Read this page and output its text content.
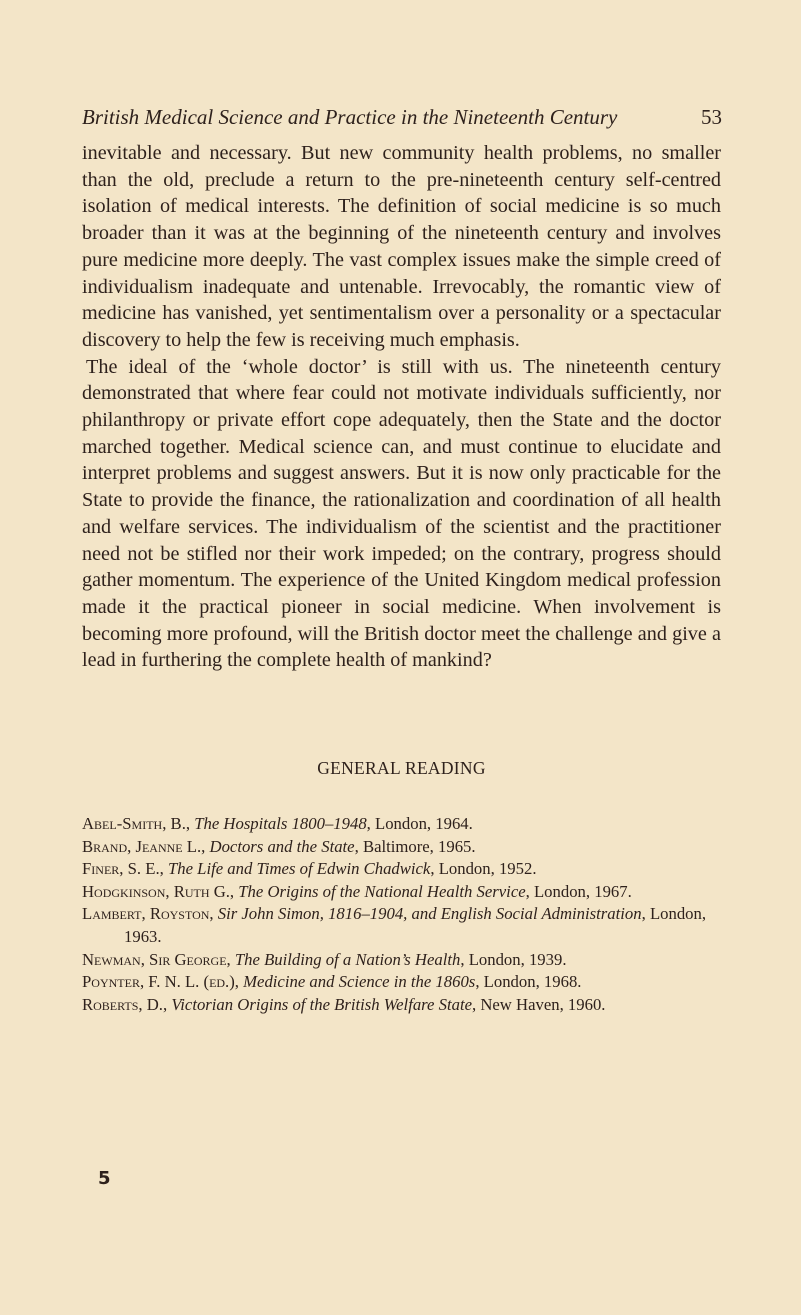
British Medical Science and Practice in the Nineteenth Century	53

inevitable and necessary. But new community health problems, no smaller than the old, preclude a return to the pre-nineteenth century self-centred isolation of medical interests. The definition of social medicine is so much broader than it was at the beginning of the nineteenth century and involves pure medicine more deeply. The vast complex issues make the simple creed of individualism inadequate and untenable. Irrevocably, the romantic view of medicine has vanished, yet sentimentalism over a personality or a spectacular discovery to help the few is receiving much emphasis.

The ideal of the ‘whole doctor’ is still with us. The nineteenth century demonstrated that where fear could not motivate individuals sufficiently, nor philanthropy or private effort cope adequately, then the State and the doctor marched together. Medical science can, and must continue to elucidate and interpret problems and suggest answers. But it is now only practicable for the State to provide the finance, the rationalization and coordination of all health and welfare services. The individualism of the scientist and the practitioner need not be stifled nor their work impeded; on the contrary, progress should gather momentum. The experience of the United Kingdom medical profession made it the practical pioneer in social medicine. When involvement is becoming more profound, will the British doctor meet the challenge and give a lead in furthering the complete health of mankind?

GENERAL READING
Abel-Smith, B., The Hospitals 1800–1948, London, 1964.
Brand, Jeanne L., Doctors and the State, Baltimore, 1965.
Finer, S. E., The Life and Times of Edwin Chadwick, London, 1952.
Hodgkinson, Ruth G., The Origins of the National Health Service, London, 1967.
Lambert, Royston, Sir John Simon, 1816–1904, and English Social Administration, London, 1963.
Newman, Sir George, The Building of a Nation’s Health, London, 1939.
Poynter, F. N. L. (ed.), Medicine and Science in the 1860s, London, 1968.
Roberts, D., Victorian Origins of the British Welfare State, New Haven, 1960.
5
